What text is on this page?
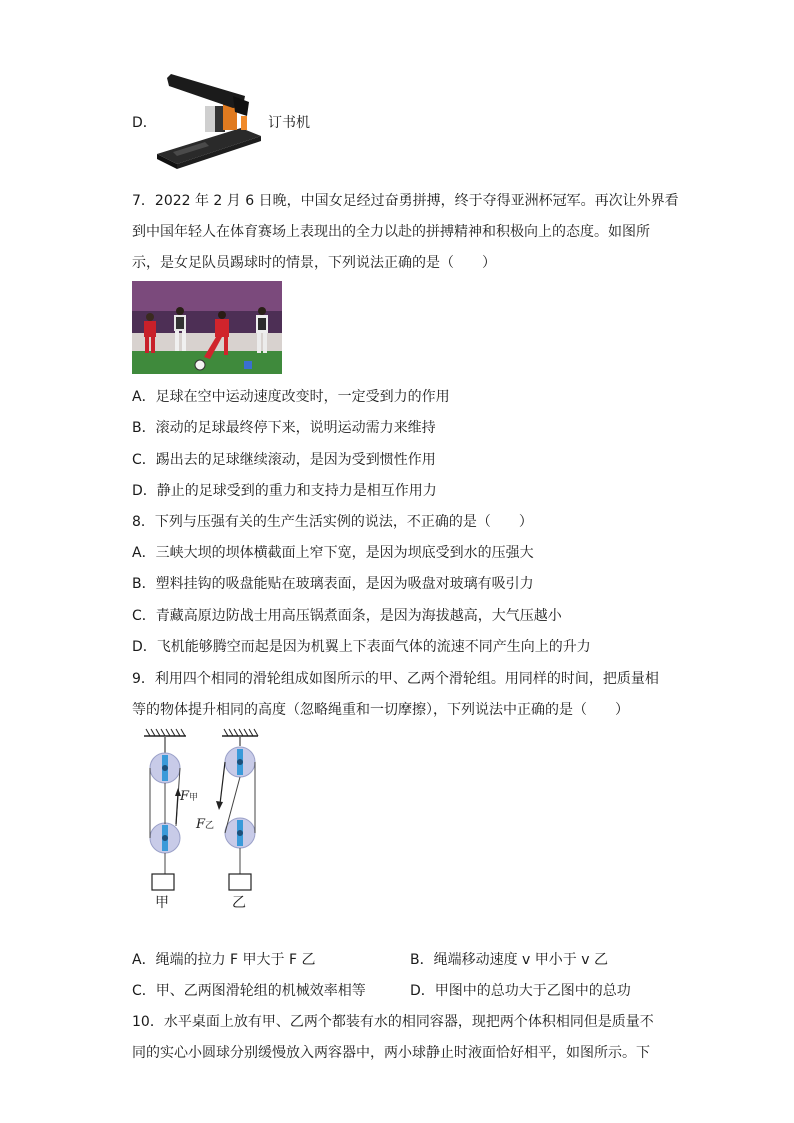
D．	订书机
7．2022 年 2 月 6 日晚，中国女足经过奋勇拼搏，终于夺得亚洲杯冠军。再次让外界看
到中国年轻人在体育赛场上表现出的全力以赴的拼搏精神和积极向上的态度。如图所
示，是女足队员踢球时的情景，下列说法正确的是（　　）
A．足球在空中运动速度改变时，一定受到力的作用
B．滚动的足球最终停下来，说明运动需力来维持
C．踢出去的足球继续滚动，是因为受到惯性作用
D．静止的足球受到的重力和支持力是相互作用力
8．下列与压强有关的生产生活实例的说法，不正确的是（　　）
A．三峡大坝的坝体横截面上窄下宽，是因为坝底受到水的压强大
B．塑料挂钩的吸盘能贴在玻璃表面，是因为吸盘对玻璃有吸引力
C．青藏高原边防战士用高压锅煮面条，是因为海拔越高，大气压越小
D．飞机能够腾空而起是因为机翼上下表面气体的流速不同产生向上的升力
9．利用四个相同的滑轮组成如图所示的甲、乙两个滑轮组。用同样的时间，把质量相
等的物体提升相同的高度（忽略绳重和一切摩擦），下列说法中正确的是（　　）
F甲
F乙
甲	乙
A．绳端的拉力 F 甲大于 F 乙	B．绳端移动速度 v 甲小于 v 乙
C．甲、乙两图滑轮组的机械效率相等	D．甲图中的总功大于乙图中的总功
10．水平桌面上放有甲、乙两个都装有水的相同容器，现把两个体积相同但是质量不
同的实心小圆球分别缓慢放入两容器中，两小球静止时液面恰好相平，如图所示。下
